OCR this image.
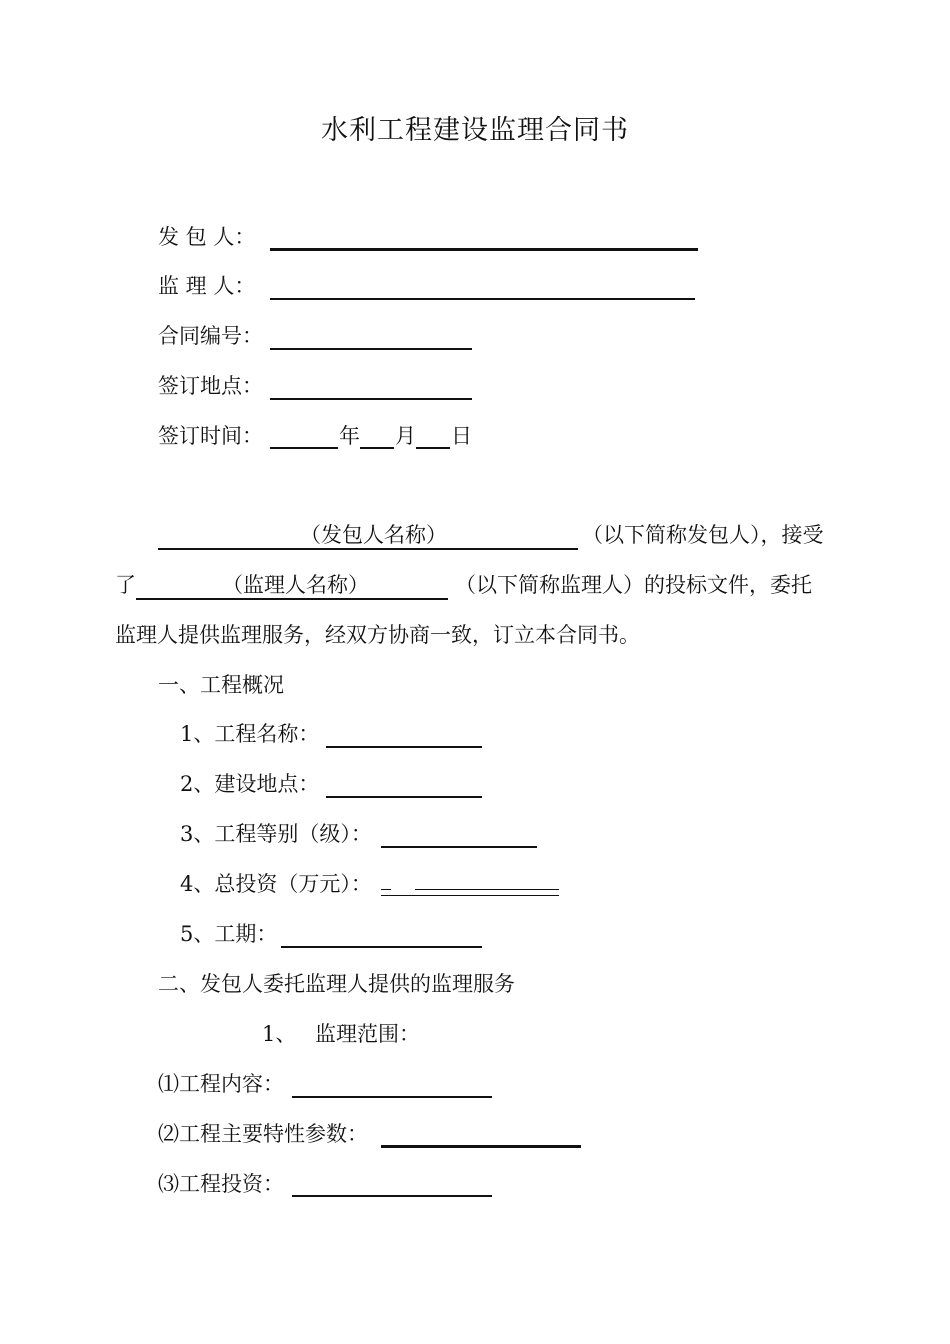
水利工程建设监理合同书
发 包 人：
监 理 人：
合同编号：
签订地点：
签订时间：	年 月 日
（发包人名称）	（以下简称发包人），接受
了	（监理人名称）	（以下简称监理人）的投标文件，委托
监理人提供监理服务，经双方协商一致，订立本合同书。
一、工程概况
1、工程名称：
2、建设地点：
3、工程等别（级）：
4、总投资（万元）：
5、工期：
二、发包人委托监理人提供的监理服务
1、 监理范围：
⑴工程内容：
⑵工程主要特性参数：
⑶工程投资：
